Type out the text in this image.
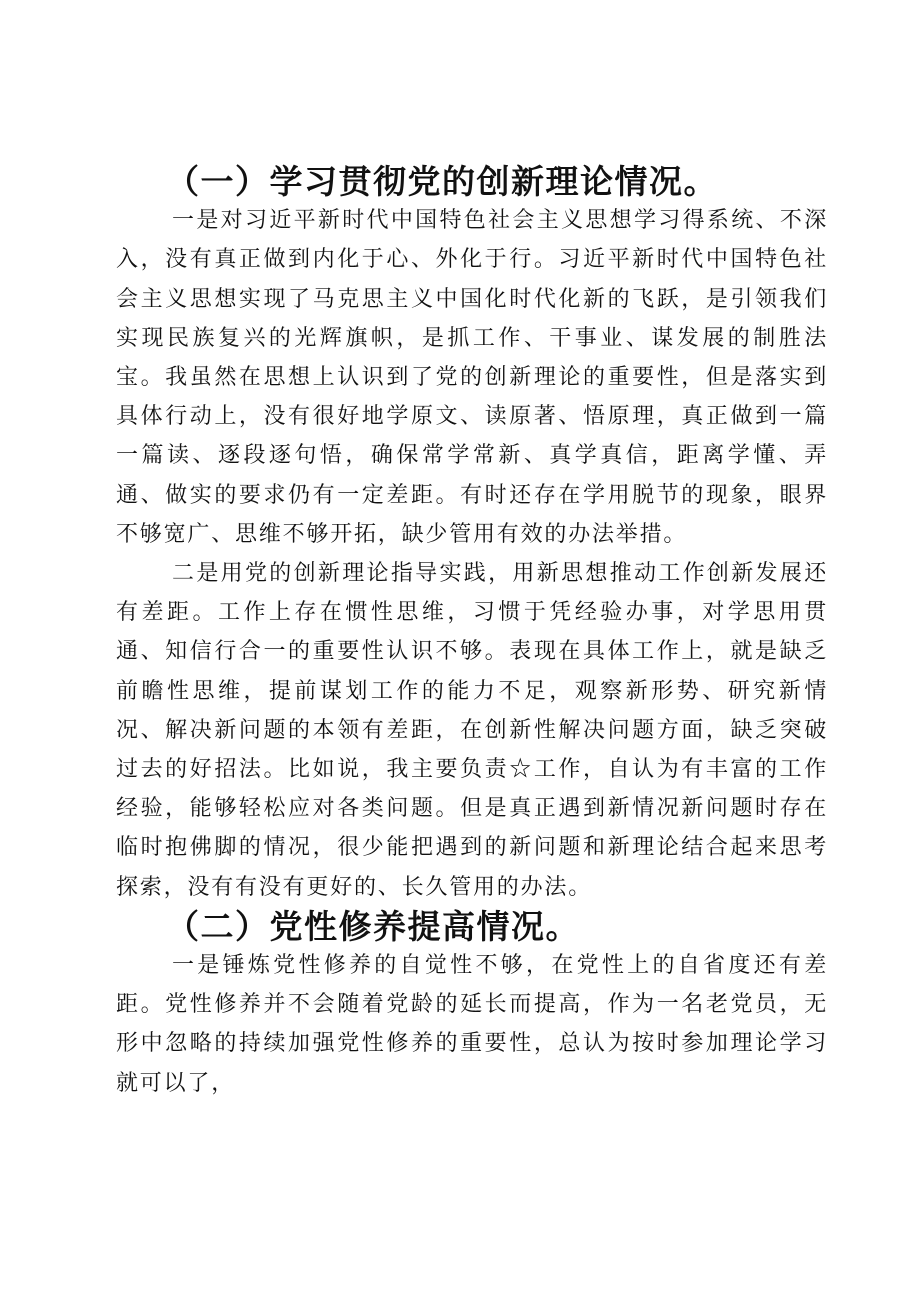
（一）学习贯彻党的创新理论情况。

一是对习近平新时代中国特色社会主义思想学习得系统、不深入，没有真正做到内化于心、外化于行。习近平新时代中国特色社会主义思想实现了马克思主义中国化时代化新的飞跃，是引领我们实现民族复兴的光辉旗帜，是抓工作、干事业、谋发展的制胜法宝。我虽然在思想上认识到了党的创新理论的重要性，但是落实到具体行动上，没有很好地学原文、读原著、悟原理，真正做到一篇一篇读、逐段逐句悟，确保常学常新、真学真信，距离学懂、弄通、做实的要求仍有一定差距。有时还存在学用脱节的现象，眼界不够宽广、思维不够开拓，缺少管用有效的办法举措。

二是用党的创新理论指导实践，用新思想推动工作创新发展还有差距。工作上存在惯性思维，习惯于凭经验办事，对学思用贯通、知信行合一的重要性认识不够。表现在具体工作上，就是缺乏前瞻性思维，提前谋划工作的能力不足，观察新形势、研究新情况、解决新问题的本领有差距，在创新性解决问题方面，缺乏突破过去的好招法。比如说，我主要负责☆工作，自认为有丰富的工作经验，能够轻松应对各类问题。但是真正遇到新情况新问题时存在临时抱佛脚的情况，很少能把遇到的新问题和新理论结合起来思考探索，没有有没有更好的、长久管用的办法。

（二）党性修养提高情况。

一是锤炼党性修养的自觉性不够，在党性上的自省度还有差距。党性修养并不会随着党龄的延长而提高，作为一名老党员，无形中忽略的持续加强党性修养的重要性，总认为按时参加理论学习就可以了，
